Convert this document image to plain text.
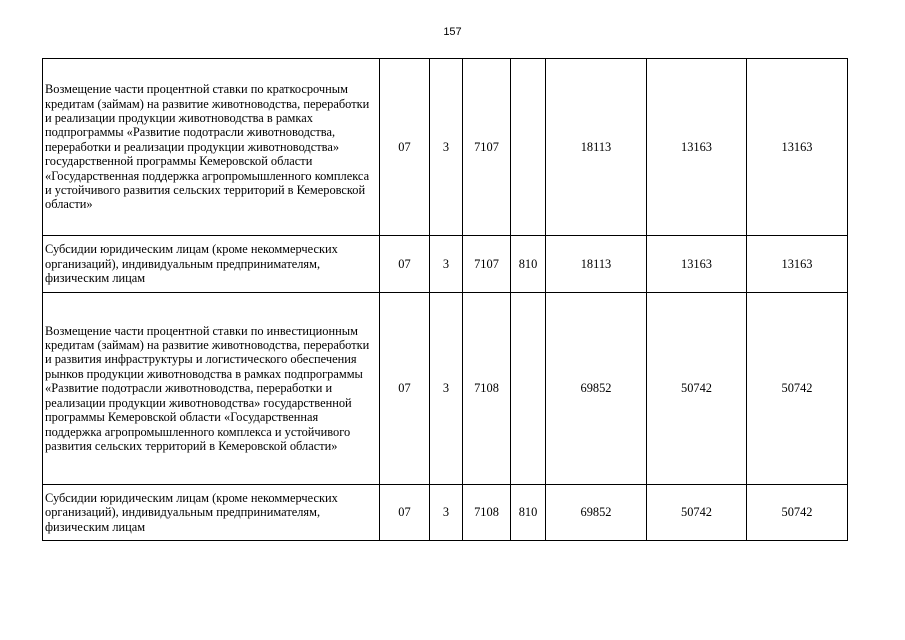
157
Возмещение части процентной ставки по краткосрочным кредитам (займам) на развитие животноводства, переработки и реализации продукции животноводства в рамках подпрограммы «Развитие подотрасли животноводства, переработки и реализации продукции животноводства» государственной программы Кемеровской области «Государственная поддержка агропромышленного комплекса и устойчивого развития сельских территорий в Кемеровской области»	07	3	7107		18113	13163	13163
Субсидии юридическим лицам (кроме некоммерческих организаций), индивидуальным предпринимателям, физическим лицам	07	3	7107	810	18113	13163	13163
Возмещение части процентной ставки по инвестиционным кредитам (займам) на развитие животноводства, переработки и развития инфраструктуры и логистического обеспечения рынков продукции животноводства в рамках подпрограммы «Развитие подотрасли животноводства, переработки и реализации продукции животноводства» государственной программы Кемеровской области «Государственная поддержка агропромышленного комплекса и устойчивого развития сельских территорий в Кемеровской области»	07	3	7108		69852	50742	50742
Субсидии юридическим лицам (кроме некоммерческих организаций), индивидуальным предпринимателям, физическим лицам	07	3	7108	810	69852	50742	50742
